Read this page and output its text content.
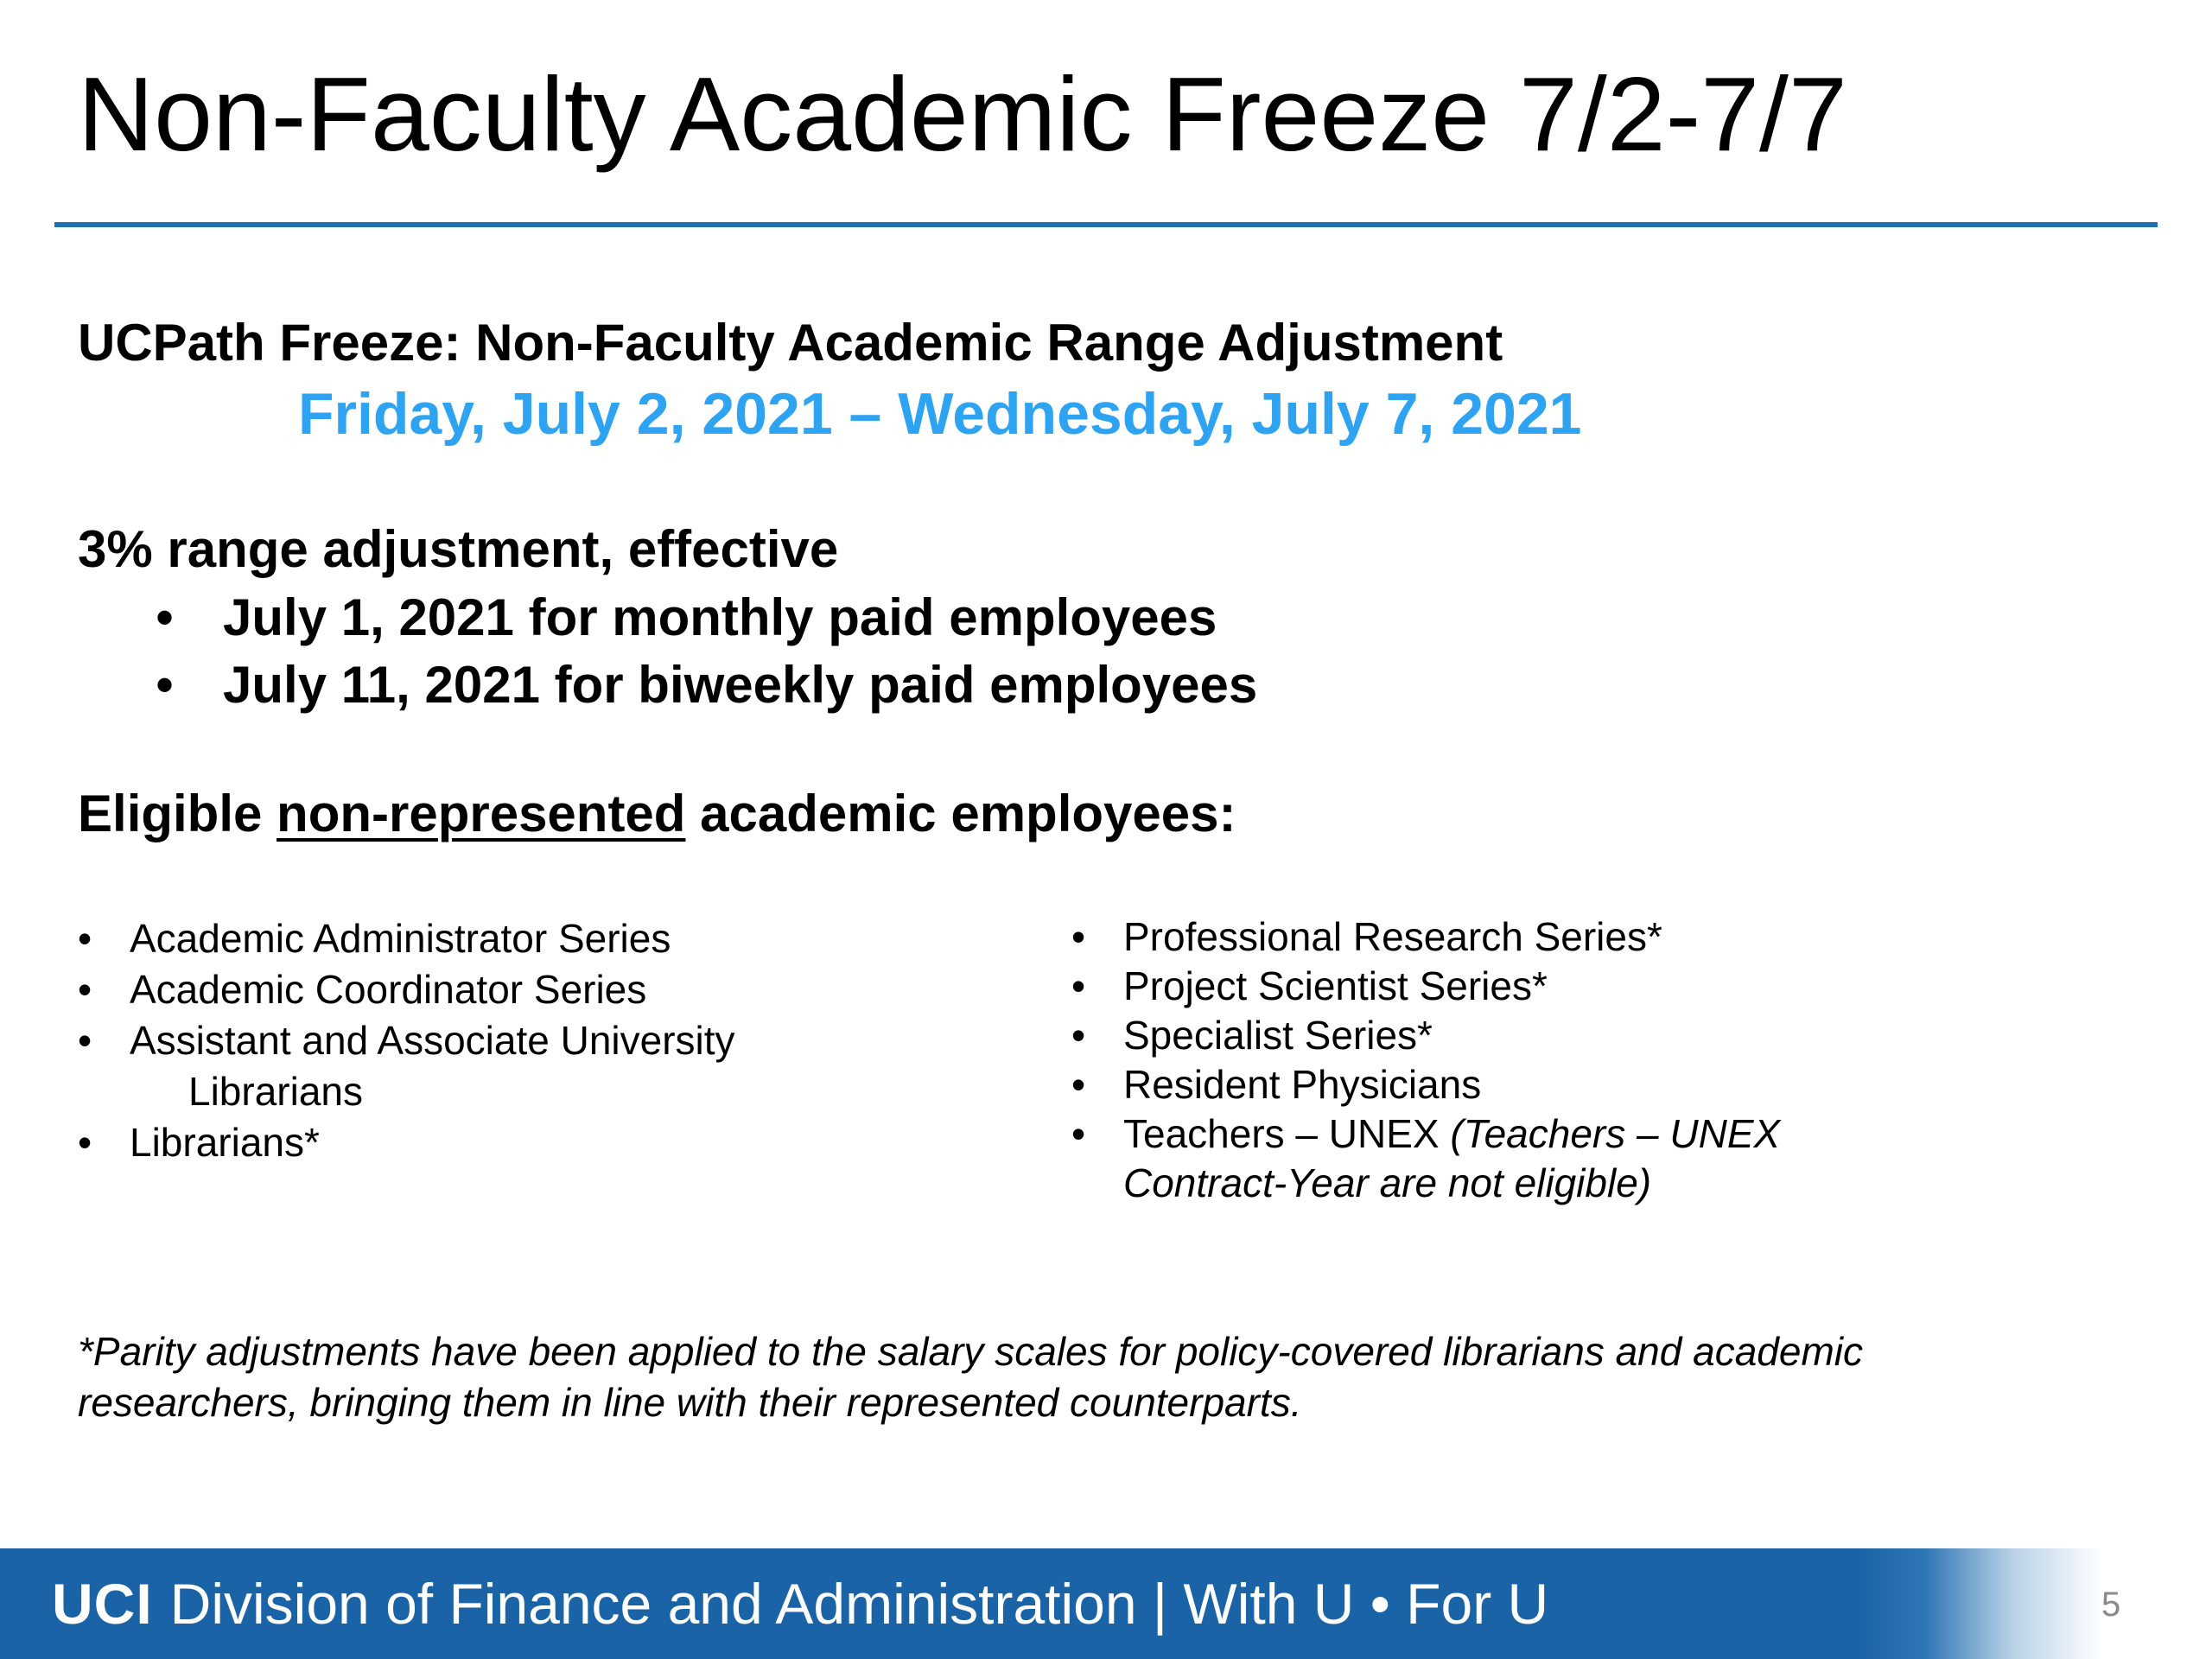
Non-Faculty Academic Freeze 7/2-7/7
UCPath Freeze: Non-Faculty Academic Range Adjustment
Friday, July 2, 2021 – Wednesday, July 7, 2021
3% range adjustment, effective
• July 1, 2021 for monthly paid employees
• July 11, 2021 for biweekly paid employees
Eligible non-represented academic employees:
• Academic Administrator Series
• Academic Coordinator Series
• Assistant and Associate University
Librarians
• Librarians*
• Professional Research Series*
• Project Scientist Series*
• Specialist Series*
• Resident Physicians
• Teachers – UNEX (Teachers – UNEX
Contract-Year are not eligible)
*Parity adjustments have been applied to the salary scales for policy-covered librarians and academic researchers, bringing them in line with their represented counterparts.
UCI Division of Finance and Administration | With U • For U	5
